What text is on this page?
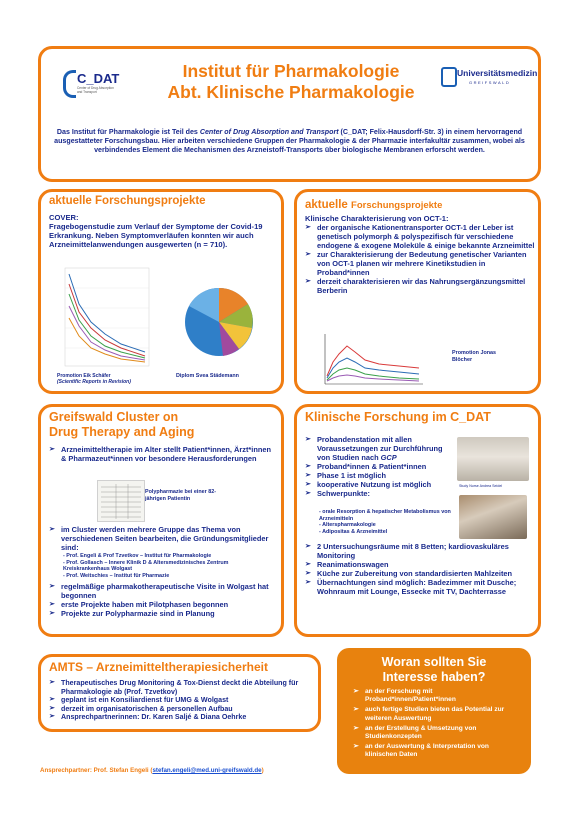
C_DAT
Center of Drug Absorption and Transport
Institut für Pharmakologie
Abt. Klinische Pharmakologie
Universitätsmedizin
GREIFSWALD
Das Institut für Pharmakologie ist Teil des Center of Drug Absorption and Transport (C_DAT; Felix-Hausdorff-Str. 3) in einem hervorragend ausgestatteter Forschungsbau. Hier arbeiten verschiedene Gruppen der Pharmakologie & der Pharmazie interfakultär zusammen, wobei als verbindendes Element die Mechanismen des Arzneistoff-Transports über biologische Membranen erforscht werden.
aktuelle Forschungsprojekte
COVER:
Fragebogenstudie zum Verlauf der Symptome der Covid-19 Erkrankung. Neben Symptomverläufen konnten wir auch Arzneimittelanwendungen ausgewerten (n = 710).
Promotion Eik Schäfer
(Scientific Reports in Revision)
Diplom Svea Städemann
aktuelle Forschungsprojekte
Klinische Charakterisierung von OCT-1:
➢ der organische Kationentransporter OCT-1 der Leber ist genetisch polymorph & polyspezifisch für verschiedene endogene & exogene Moleküle & einige bekannte Arzneimittel
➢ zur Charakterisierung der Bedeutung genetischer Varianten von OCT-1 planen wir mehrere Kinetikstudien in Proband*innen
➢ derzeit charakterisieren wir das Nahrungsergänzungsmittel Berberin
Promotion Jonas Blöcher
Greifswald Cluster on
Drug Therapy and Aging
➢ Arzneimitteltherapie im Alter stellt Patient*innen, Ärzt*innen & Pharmazeut*innen vor besondere Herausforderungen
Polypharmazie bei einer 82-jährigen Patientin
➢ im Cluster werden mehrere Gruppe das Thema von verschiedenen Seiten bearbeiten, die Gründungsmitglieder sind:
- Prof. Engeli & Prof Tzvetkov – Institut für Pharmakologie
- Prof. Gollasch – Innere Klinik D & Altersmedizinisches Zentrum Kreiskrankenhaus Wolgast
- Prof. Weitschies – Institut für Pharmazie
➢ regelmäßige pharmakotherapeutische Visite in Wolgast hat begonnen
➢ erste Projekte haben mit Pilotphasen begonnen
➢ Projekte zur Polypharmazie sind in Planung
Klinische Forschung im C_DAT
➢ Probandenstation mit allen Voraussetzungen zur Durchführung von Studien nach GCP
➢ Proband*innen & Patient*innen
➢ Phase 1 ist möglich
➢ kooperative Nutzung ist möglich
➢ Schwerpunkte:
- orale Resorption & hepatischer Metabolismus von Arzneimitteln
- Alterspharmakologie
- Adipositas & Arzneimittel
Study Nurse Andrea Seidel
➢ 2 Untersuchungsräume mit 8 Betten; kardiovaskuläres Monitoring
➢ Reanimationswagen
➢ Küche zur Zubereitung von standardisierten Mahlzeiten
➢ Übernachtungen sind möglich: Badezimmer mit Dusche; Wohnraum mit Lounge, Essecke mit TV, Dachterrasse
AMTS – Arzneimitteltherapiesicherheit
➢ Therapeutisches Drug Monitoring & Tox-Dienst deckt die Abteilung für Pharmakologie ab (Prof. Tzvetkov)
➢ geplant ist ein Konsiliardienst für UMG & Wolgast
➢ derzeit im organisatorischen & personellen Aufbau
➢ Ansprechpartnerinnen: Dr. Karen Saljé & Diana Oehrke
Woran sollten Sie
Interesse haben?
➢ an der Forschung mit Proband*innen/Patient*innen
➢ auch fertige Studien bieten das Potential zur weiteren Auswertung
➢ an der Erstellung & Umsetzung von Studienkonzepten
➢ an der Auswertung & Interpretation von klinischen Daten
Ansprechpartner: Prof. Stefan Engeli (stefan.engeli@med.uni-greifswald.de)
